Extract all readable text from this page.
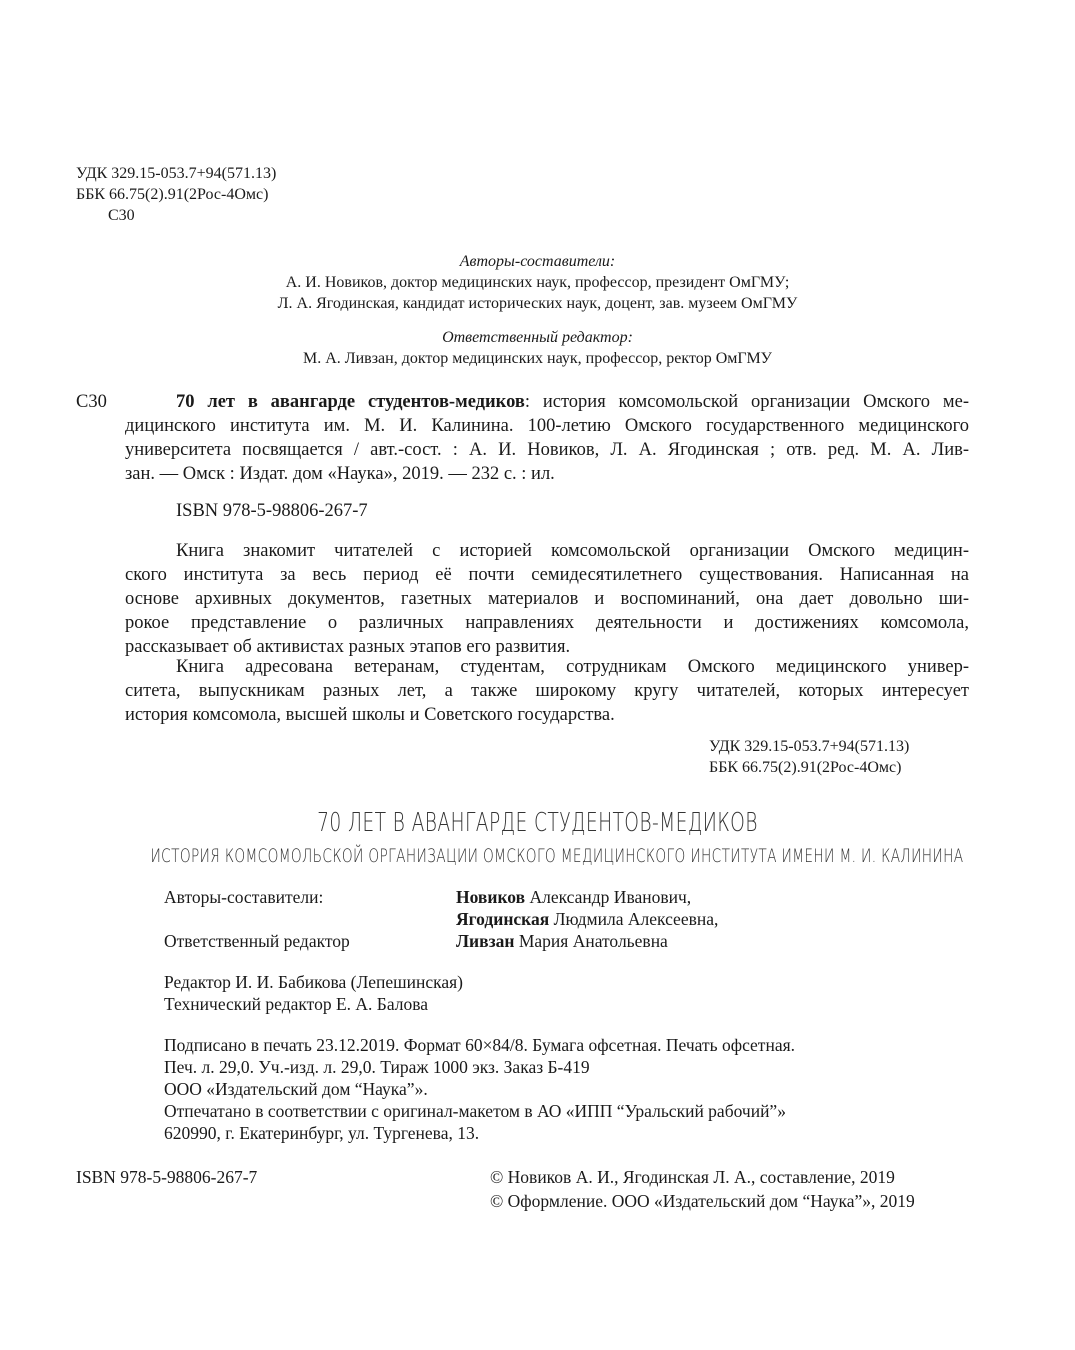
УДК 329.15-053.7+94(571.13)
ББК 66.75(2).91(2Рос-4Омс)
С30
Авторы-составители:
А. И. Новиков, доктор медицинских наук, профессор, президент ОмГМУ;
Л. А. Ягодинская, кандидат исторических наук, доцент, зав. музеем ОмГМУ
Ответственный редактор:
М. А. Ливзан, доктор медицинских наук, профессор, ректор ОмГМУ
С30	70 лет в авангарде студентов-медиков: история комсомольской организации Омского ме-
дицинского института им. М. И. Калинина. 100-летию Омского государственного медицинского
университета посвящается / авт.-сост. : А. И. Новиков, Л. А. Ягодинская ; отв. ред. М. А. Лив-
зан. — Омск : Издат. дом «Наука», 2019. — 232 с. : ил.
ISBN 978-5-98806-267-7
Книга знакомит читателей с историей комсомольской организации Омского медицин-
ского института за весь период её почти семидесятилетнего существования. Написанная на
основе архивных документов, газетных материалов и воспоминаний, она дает довольно ши-
рокое представление о различных направлениях деятельности и достижениях комсомола,
рассказывает об активистах разных этапов его развития.
Книга адресована ветеранам, студентам, сотрудникам Омского медицинского универ-
ситета, выпускникам разных лет, а также широкому кругу читателей, которых интересует
история комсомола, высшей школы и Советского государства.
УДК 329.15-053.7+94(571.13)
ББК 66.75(2).91(2Рос-4Омс)
70 ЛЕТ В АВАНГАРДЕ СТУДЕНТОВ-МЕДИКОВ
ИСТОРИЯ КОМСОМОЛЬСКОЙ ОРГАНИЗАЦИИ ОМСКОГО МЕДИЦИНСКОГО ИНСТИТУТА ИМЕНИ М. И. КАЛИНИНА
Авторы-составители:	Новиков Александр Иванович,
Ягодинская Людмила Алексеевна,
Ответственный редактор	Ливзан Мария Анатольевна
Редактор И. И. Бабикова (Лепешинская)
Технический редактор Е. А. Балова
Подписано в печать 23.12.2019. Формат 60×84/8. Бумага офсетная. Печать офсетная.
Печ. л. 29,0. Уч.-изд. л. 29,0. Тираж 1000 экз. Заказ Б-419
ООО «Издательский дом “Наука”».
Отпечатано в соответствии с оригинал-макетом в АО «ИПП “Уральский рабочий”»
620990, г. Екатеринбург, ул. Тургенева, 13.
ISBN 978-5-98806-267-7	© Новиков А. И., Ягодинская Л. А., составление, 2019
© Оформление. ООО «Издательский дом “Наука”», 2019
